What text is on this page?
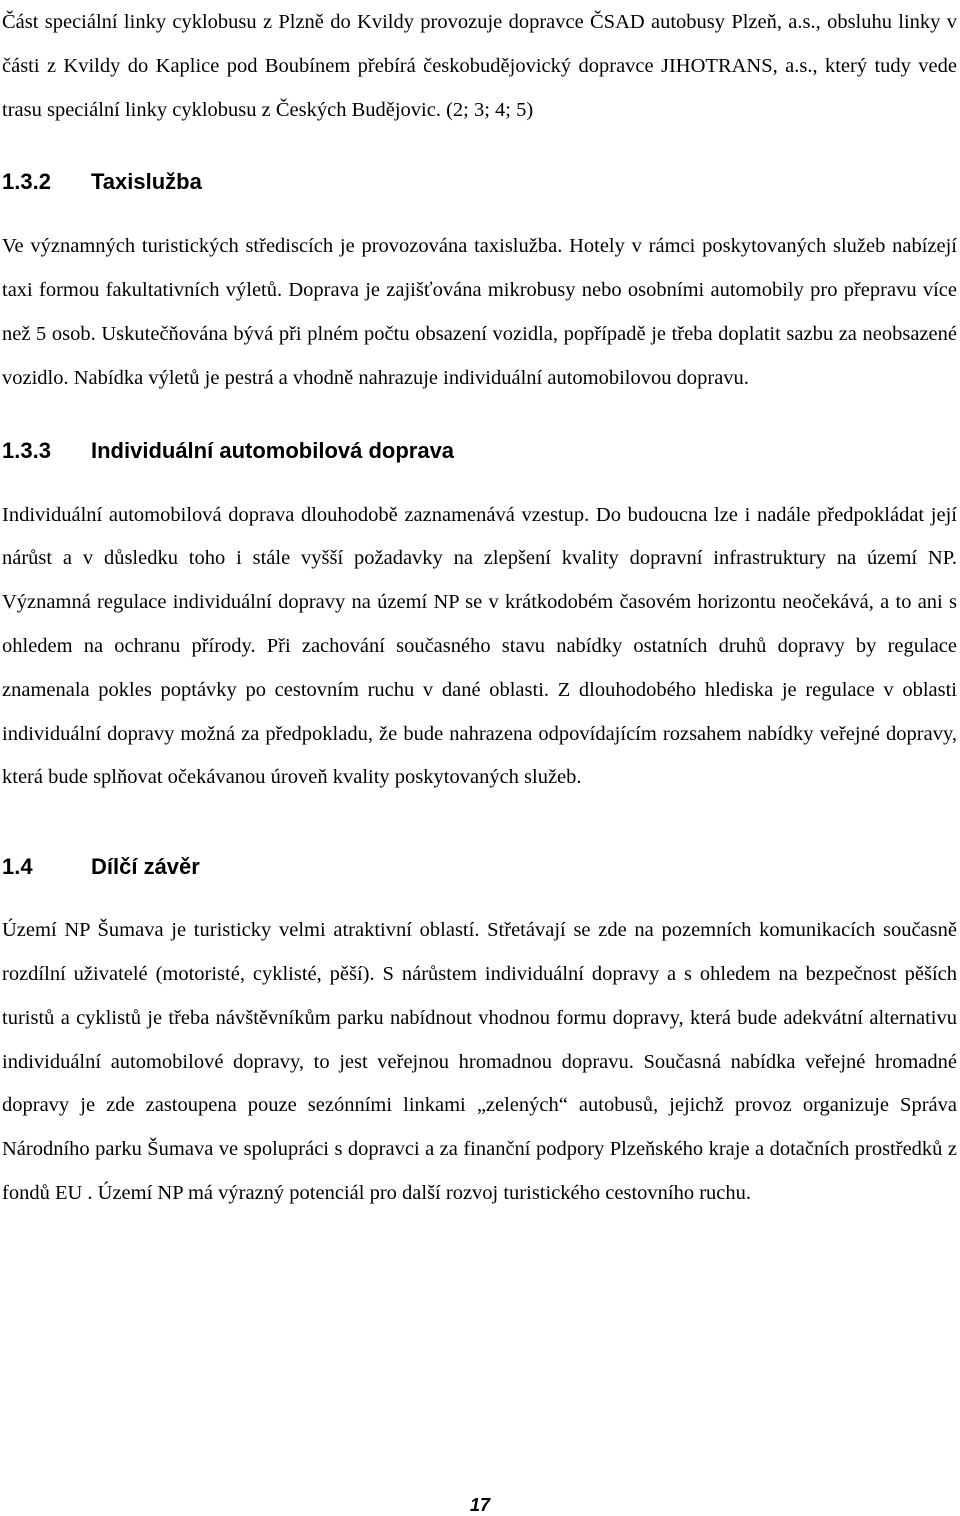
Část speciální linky cyklobusu z Plzně do Kvildy provozuje dopravce ČSAD autobusy Plzeň, a.s., obsluhu linky v části z Kvildy do Kaplice pod Boubínem přebírá českobudějovický dopravce JIHOTRANS, a.s., který tudy vede trasu speciální linky cyklobusu z Českých Budějovic. (2; 3; 4; 5)

1.3.2	Taxislužba

Ve významných turistických střediscích je provozována taxislužba. Hotely v rámci poskytovaných služeb nabízejí taxi formou fakultativních výletů. Doprava je zajišťována mikrobusy nebo osobními automobily pro přepravu více než 5 osob. Uskutečňována bývá při plném počtu obsazení vozidla, popřípadě je třeba doplatit sazbu za neobsazené vozidlo. Nabídka výletů je pestrá a vhodně nahrazuje individuální automobilovou dopravu.

1.3.3	Individuální automobilová doprava

Individuální automobilová doprava dlouhodobě zaznamenává vzestup. Do budoucna lze i nadále předpokládat její nárůst a v důsledku toho i stále vyšší požadavky na zlepšení kvality dopravní infrastruktury na území NP. Významná regulace individuální dopravy na území NP se v krátkodobém časovém horizontu neočekává, a to ani s ohledem na ochranu přírody. Při zachování současného stavu nabídky ostatních druhů dopravy by regulace znamenala pokles poptávky po cestovním ruchu v dané oblasti. Z dlouhodobého hlediska je regulace v oblasti individuální dopravy možná za předpokladu, že bude nahrazena odpovídajícím rozsahem nabídky veřejné dopravy, která bude splňovat očekávanou úroveň kvality poskytovaných služeb.

1.4	Dílčí závěr

Území NP Šumava je turisticky velmi atraktivní oblastí. Střetávají se zde na pozemních komunikacích současně rozdílní uživatelé (motoristé, cyklisté, pěší). S nárůstem individuální dopravy a s ohledem na bezpečnost pěších turistů a cyklistů je třeba návštěvníkům parku nabídnout vhodnou formu dopravy, která bude adekvátní alternativu individuální automobilové dopravy, to jest veřejnou hromadnou dopravu. Současná nabídka veřejné hromadné dopravy je zde zastoupena pouze sezónními linkami „zelených“ autobusů, jejichž provoz organizuje Správa Národního parku Šumava ve spolupráci s dopravci a za finanční podpory Plzeňského kraje a dotačních prostředků z fondů EU . Území NP má výrazný potenciál pro další rozvoj turistického cestovního ruchu.

17
